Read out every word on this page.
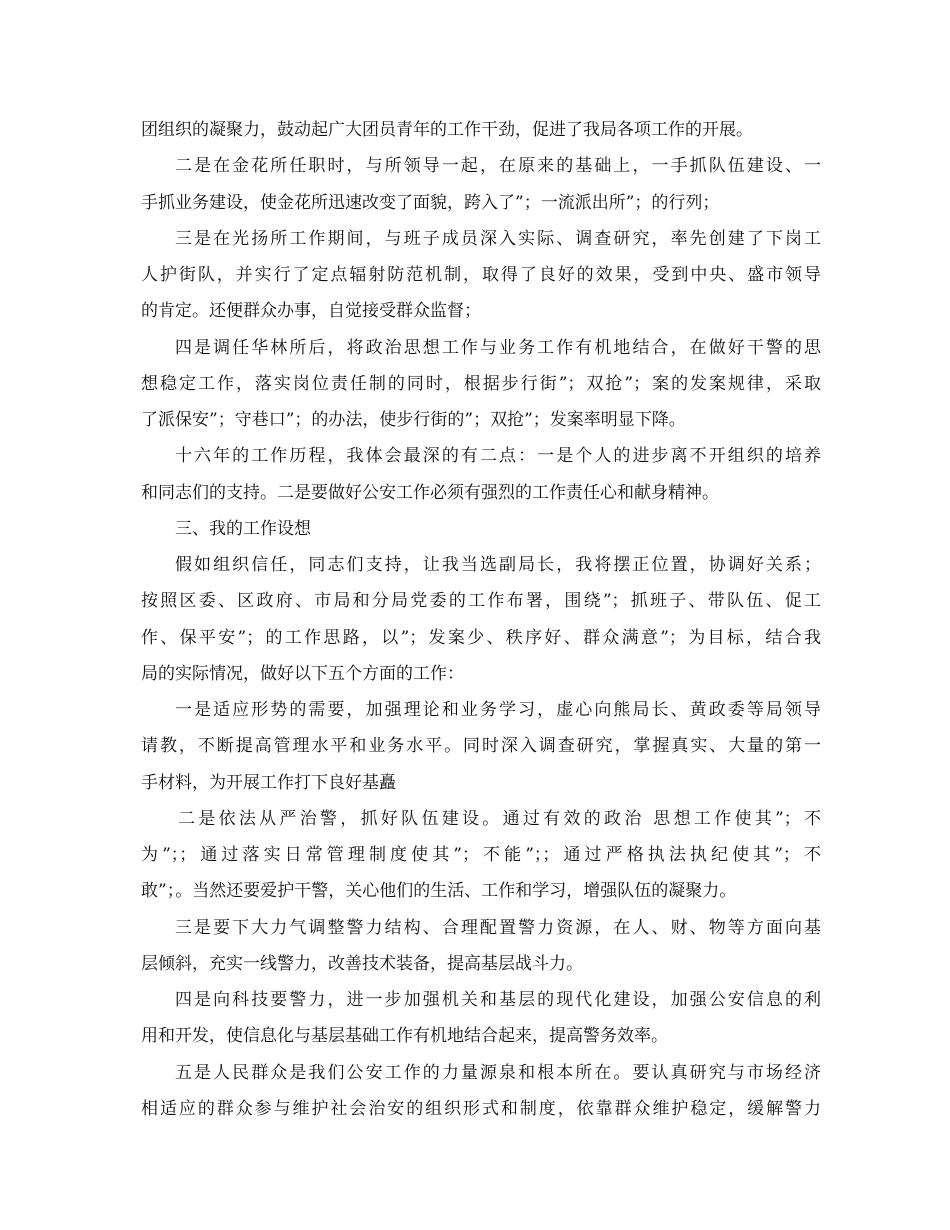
团组织的凝聚力，鼓动起广大团员青年的工作干劲，促进了我局各项工作的开展。
二是在金花所任职时，与所领导一起，在原来的基础上，一手抓队伍建设、一
手抓业务建设，使金花所迅速改变了面貌，跨入了”；一流派出所”；的行列；
三是在光扬所工作期间，与班子成员深入实际、调查研究，率先创建了下岗工
人护街队，并实行了定点辐射防范机制，取得了良好的效果，受到中央、盛市领导
的肯定。还便群众办事，自觉接受群众监督；
四是调任华林所后，将政治思想工作与业务工作有机地结合，在做好干警的思
想稳定工作，落实岗位责任制的同时，根据步行街”；双抢”；案的发案规律，采取
了派保安”；守巷口”；的办法，使步行街的”；双抢”；发案率明显下降。
十六年的工作历程，我体会最深的有二点：一是个人的进步离不开组织的培养
和同志们的支持。二是要做好公安工作必须有强烈的工作责任心和献身精神。
三、我的工作设想
假如组织信任，同志们支持，让我当选副局长，我将摆正位置，协调好关系；
按照区委、区政府、市局和分局党委的工作布署，围绕”；抓班子、带队伍、促工
作、保平安”；的工作思路，以”；发案少、秩序好、群众满意”；为目标，结合我
局的实际情况，做好以下五个方面的工作：
一是适应形势的需要，加强理论和业务学习，虚心向熊局长、黄政委等局领导
请教，不断提高管理水平和业务水平。同时深入调查研究，掌握真实、大量的第一
手材料，为开展工作打下良好基矗
二是依法从严治警，抓好队伍建设。通过有效的政治 思想工作使其”；不
为”；；通过落实日常管理制度使其”；不能”；；通过严格执法执纪使其”；不
敢”；。当然还要爱护干警，关心他们的生活、工作和学习，增强队伍的凝聚力。
三是要下大力气调整警力结构、合理配置警力资源，在人、财、物等方面向基
层倾斜，充实一线警力，改善技术装备，提高基层战斗力。
四是向科技要警力，进一步加强机关和基层的现代化建设，加强公安信息的利
用和开发，使信息化与基层基础工作有机地结合起来，提高警务效率。
五是人民群众是我们公安工作的力量源泉和根本所在。要认真研究与市场经济
相适应的群众参与维护社会治安的组织形式和制度，依靠群众维护稳定，缓解警力
